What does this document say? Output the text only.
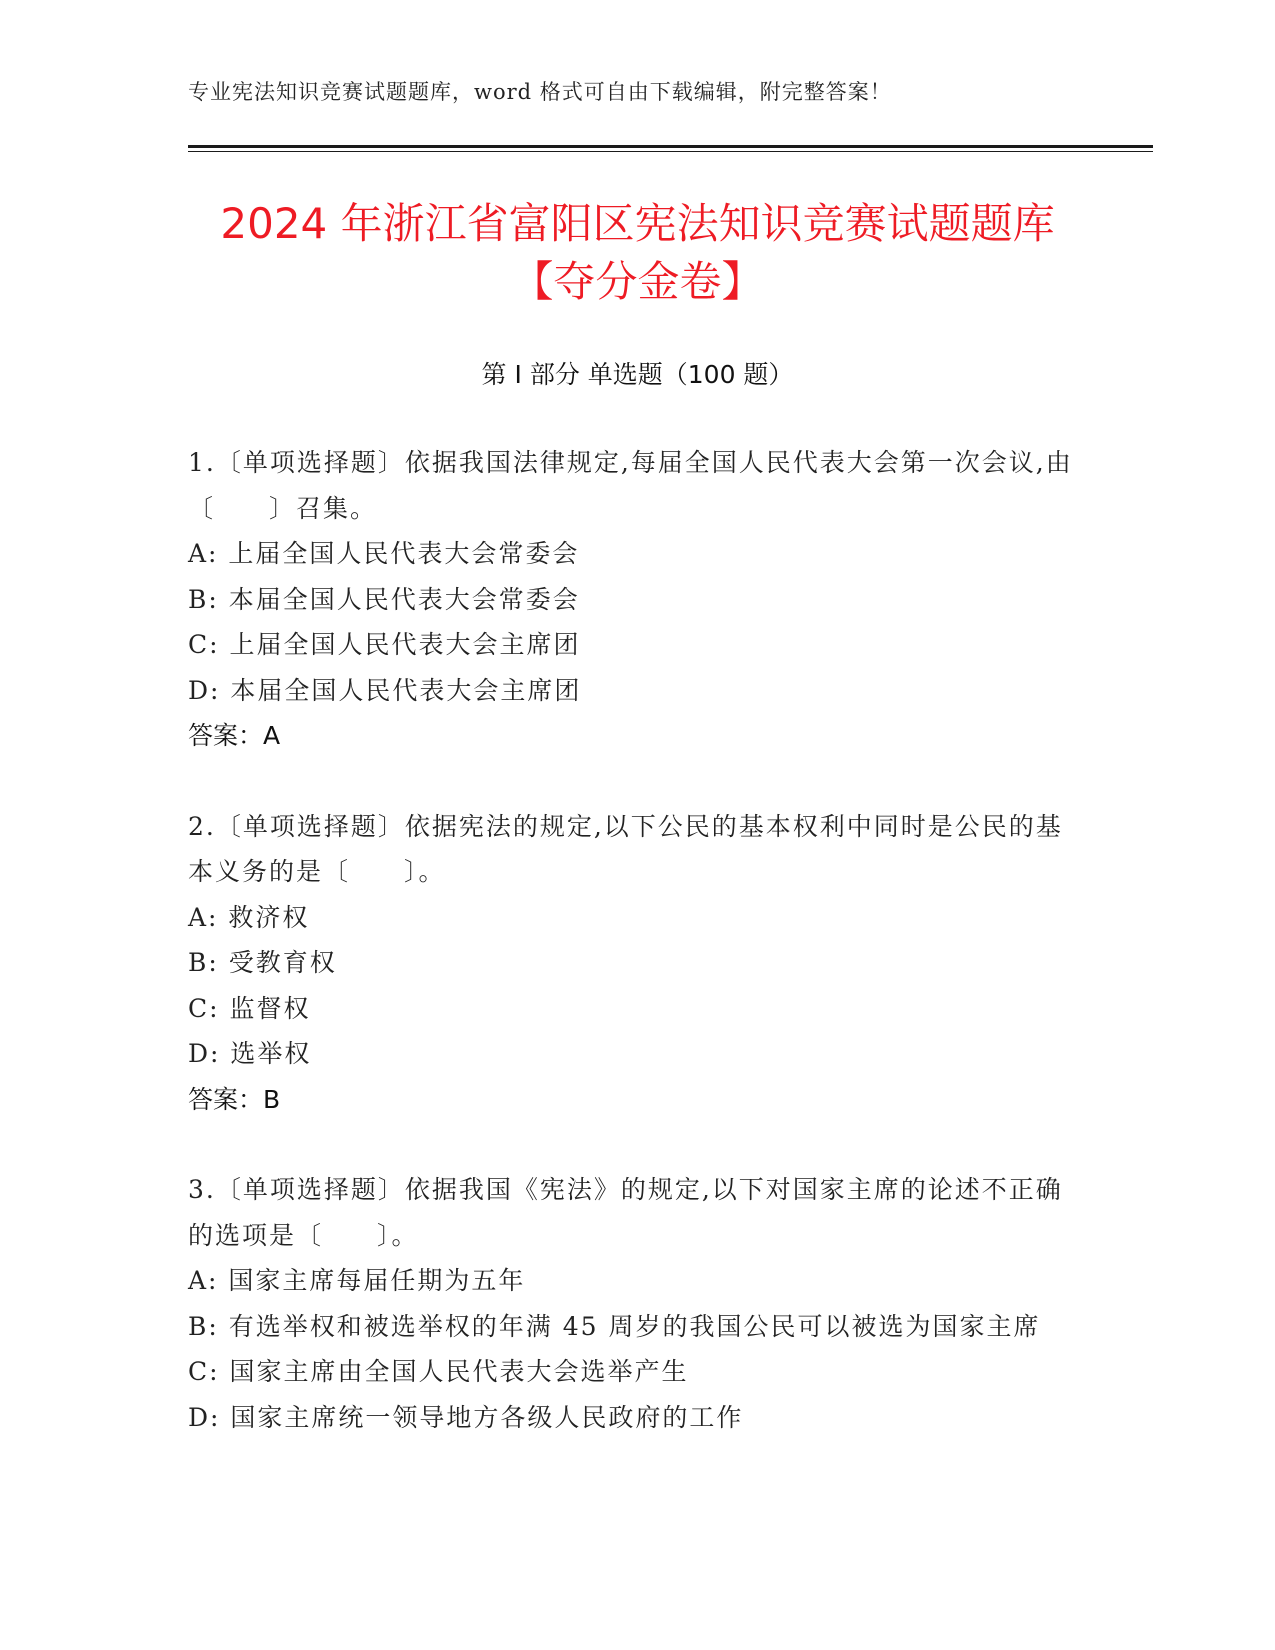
专业宪法知识竞赛试题题库，word 格式可自由下载编辑，附完整答案！
2024 年浙江省富阳区宪法知识竞赛试题题库
【夺分金卷】
第 I 部分 单选题（100 题）

1.〔单项选择题〕依据我国法律规定,每届全国人民代表大会第一次会议,由〔　　〕召集。

A: 上届全国人民代表大会常委会

B: 本届全国人民代表大会常委会

C: 上届全国人民代表大会主席团

D: 本届全国人民代表大会主席团

答案：A

2.〔单项选择题〕依据宪法的规定,以下公民的基本权利中同时是公民的基本义务的是〔　　〕。

A: 救济权

B: 受教育权

C: 监督权

D: 选举权

答案：B

3.〔单项选择题〕依据我国《宪法》的规定,以下对国家主席的论述不正确的选项是〔　　〕。

A: 国家主席每届任期为五年

B: 有选举权和被选举权的年满 45 周岁的我国公民可以被选为国家主席

C: 国家主席由全国人民代表大会选举产生

D: 国家主席统一领导地方各级人民政府的工作
